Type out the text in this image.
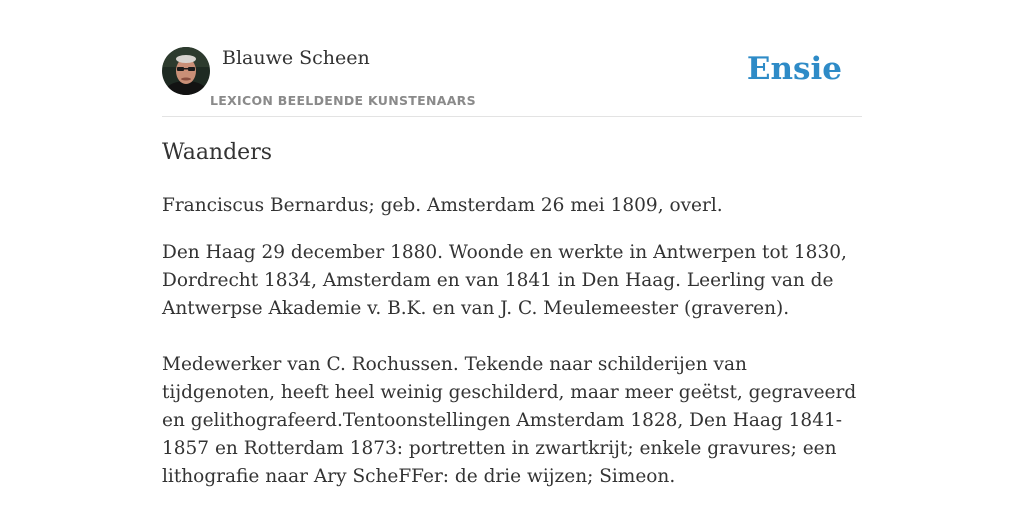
Blauwe Scheen
LEXICON BEELDENDE KUNSTENAARS
Ensie
Waanders

Franciscus Bernardus; geb. Amsterdam 26 mei 1809, overl.

Den Haag 29 december 1880. Woonde en werkte in Antwerpen tot 1830, Dordrecht 1834, Amsterdam en van 1841 in Den Haag. Leerling van de Antwerpse Akademie v. B.K. en van J. C. Meulemeester (graveren).

Medewerker van C. Rochussen. Tekende naar schilderijen van tijdgenoten, heeft heel weinig geschilderd, maar meer geëtst, gegraveerd en gelithografeerd.Tentoonstellingen Amsterdam 1828, Den Haag 1841-1857 en Rotterdam 1873: portretten in zwartkrijt; enkele gravures; een lithografie naar Ary ScheFFer: de drie wijzen; Simeon.
